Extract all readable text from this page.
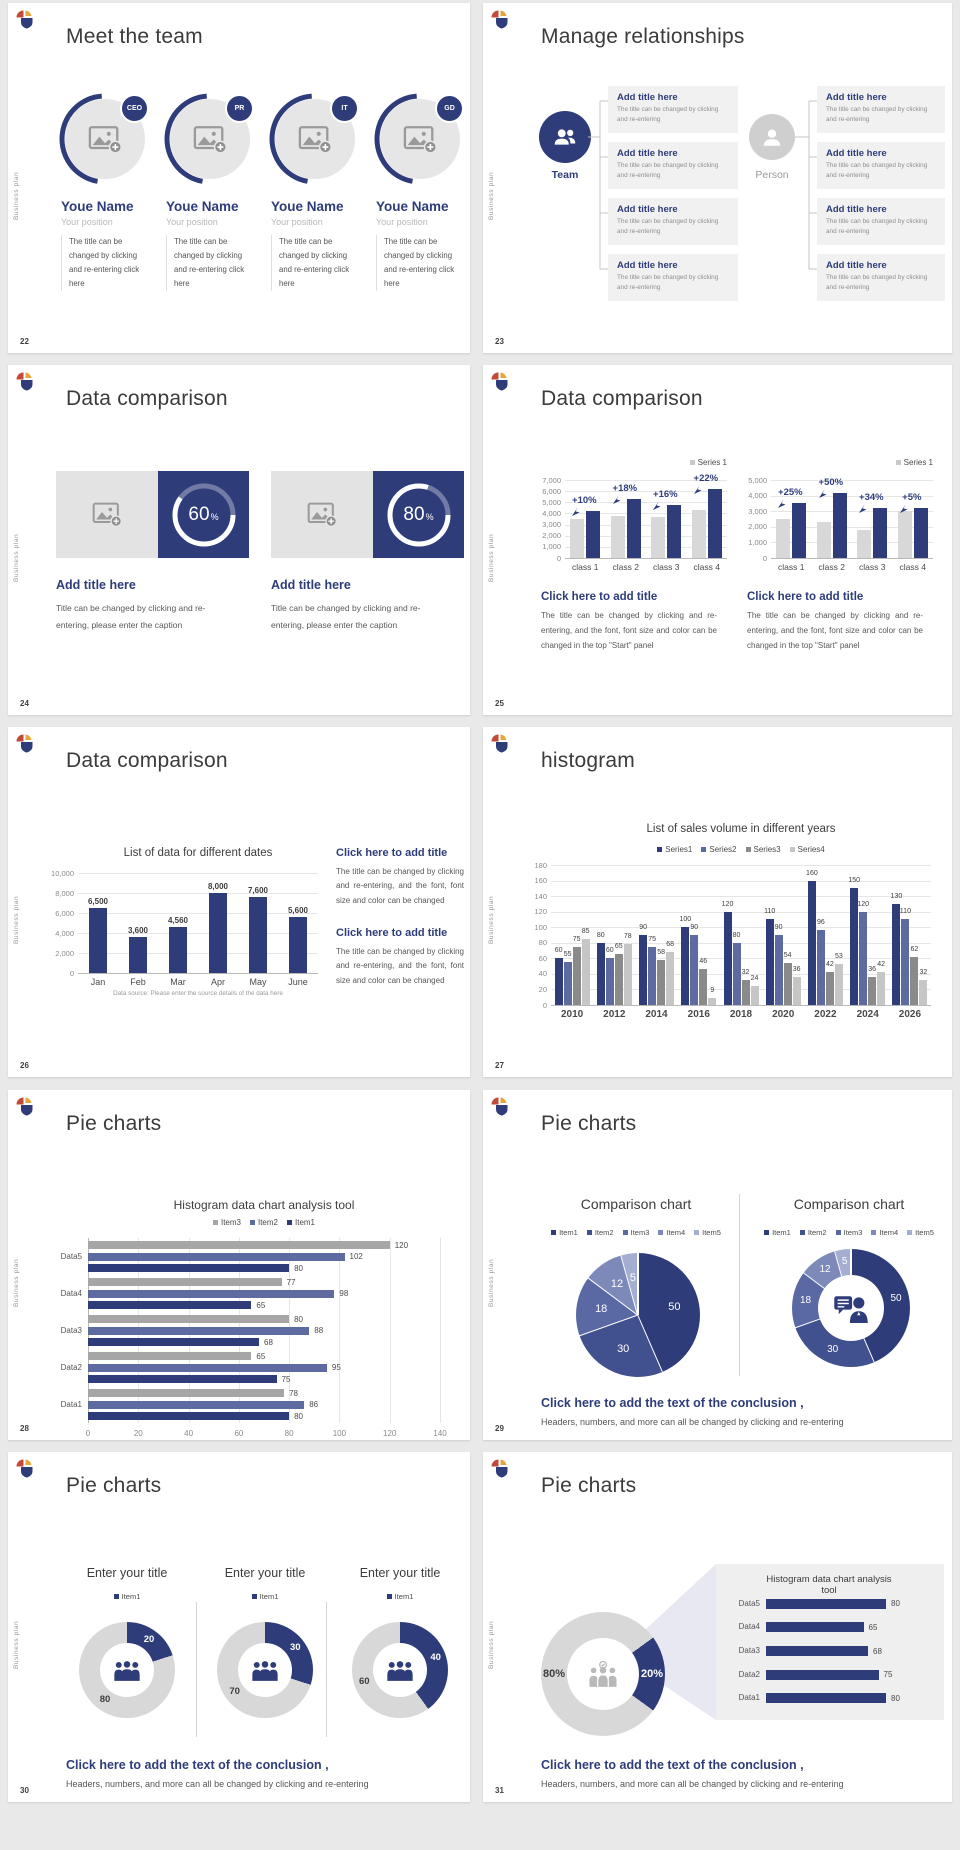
Business plan
22
Meet the team
CEO
Youe Name
Your position
The title can be changed by clicking and re-entering click here
PR
Youe Name
Your position
The title can be changed by clicking and re-entering click here
IT
Youe Name
Your position
The title can be changed by clicking and re-entering click here
GD
Youe Name
Your position
The title can be changed by clicking and re-entering click here
Business plan
23
Manage relationships
Team
Add title here
The title can be changed by clicking and re-entering
Add title here
The title can be changed by clicking and re-entering
Add title here
The title can be changed by clicking and re-entering
Add title here
The title can be changed by clicking and re-entering
Person
Add title here
The title can be changed by clicking and re-entering
Add title here
The title can be changed by clicking and re-entering
Add title here
The title can be changed by clicking and re-entering
Add title here
The title can be changed by clicking and re-entering
Business plan
24
Data comparison
60 %
Add title here
Title can be changed by clicking and re-entering, please enter the caption
80 %
Add title here
Title can be changed by clicking and re-entering, please enter the caption
Business plan
25
Data comparison
0
1,000
2,000
3,000
4,000
5,000
6,000
7,000
Series 1
+10%
class 1
+18%
class 2
+16%
class 3
+22%
class 4
0
1,000
2,000
3,000
4,000
5,000
Series 1
+25%
class 1
+50%
class 2
+34%
class 3
+5%
class 4
Click here to add title
The title can be changed by clicking and re-entering, and the font, font size and color can be changed in the top "Start" panel
Click here to add title
The title can be changed by clicking and re-entering, and the font, font size and color can be changed in the top "Start" panel
Business plan
26
Data comparison
0
2,000
4,000
6,000
8,000
10,000
List of data for different dates
6,500
Jan
3,600
Feb
4,560
Mar
8,000
Apr
7,600
May
5,600
June
Data source: Please enter the source details of the data here
Click here to add title
The title can be changed by clicking and re-entering, and the font, font size and color can be changed
Click here to add title
The title can be changed by clicking and re-entering, and the font, font size and color can be changed
Business plan
27
histogram
0
20
40
60
80
100
120
140
160
180
List of sales volume in different years
Series1 Series2 Series3 Series4
60
55
75
85
2010
80
60
65
78
2012
90
75
58
68
2014
100
90
46
9
2016
120
80
32
24
2018
110
90
54
36
2020
160
96
42
53
2022
150
120
36
42
2024
130
110
62
32
2026
Business plan
28
Pie charts
0	20	40	60	80	100	120	140
Histogram data chart analysis tool
Item3 Item2 Item1
120
102
80
Data5
77
98
65
Data4
80
88
68
Data3
65
95
75
Data2
78
86
80
Data1
Business plan
29
Pie charts
Comparison chart	Comparison chart
50
30
18
12
5
Item1 Item2 Item3 Item4 Item5
50
30
18
12
5
Item1 Item2 Item3 Item4 Item5
Click here to add the text of the conclusion ,
Headers, numbers, and more can all be changed by clicking and re-entering
Business plan
30
Pie charts
Enter your title	Enter your title	Enter your title
20
80
Item1
30
70
Item1
40
60
Item1
Click here to add the text of the conclusion ,
Headers, numbers, and more can all be changed by clicking and re-entering
Business plan
31
Pie charts
20%
80%
Histogram data chart analysis tool
80
Data5
65
Data4
68
Data3
75
Data2
80
Data1
Click here to add the text of the conclusion ,
Headers, numbers, and more can all be changed by clicking and re-entering
